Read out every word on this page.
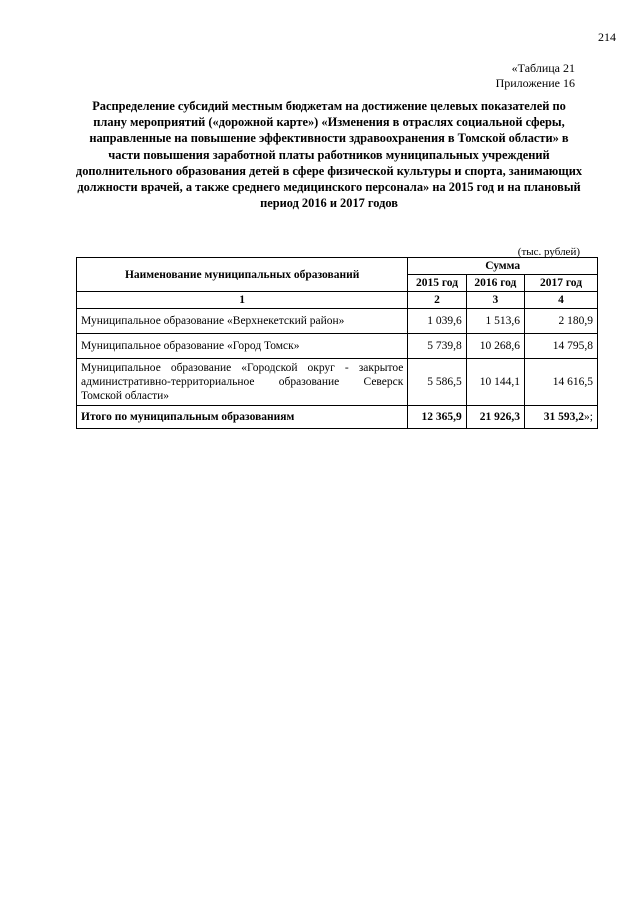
214
«Таблица 21
Приложение 16
Распределение субсидий местным бюджетам на достижение целевых показателей по плану мероприятий («дорожной карте») «Изменения в отраслях социальной сферы, направленные на повышение эффективности здравоохранения в Томской области» в части повышения заработной платы работников муниципальных учреждений дополнительного образования детей в сфере физической культуры и спорта, занимающих должности врачей, а также среднего медицинского персонала» на 2015 год и на плановый период 2016 и 2017 годов
(тыс. рублей)
Наименование муниципальных образований	Сумма		
	2015 год	2016 год	2017 год
1	2	3	4
Муниципальное образование «Верхнекетский район»	1 039,6	1 513,6	2 180,9
Муниципальное образование «Город Томск»	5 739,8	10 268,6	14 795,8
Муниципальное образование «Городской округ - закрытое административно-территориальное образование Северск Томской области»	5 586,5	10 144,1	14 616,5
Итого по муниципальным образованиям	12 365,9	21 926,3	31 593,2»;
